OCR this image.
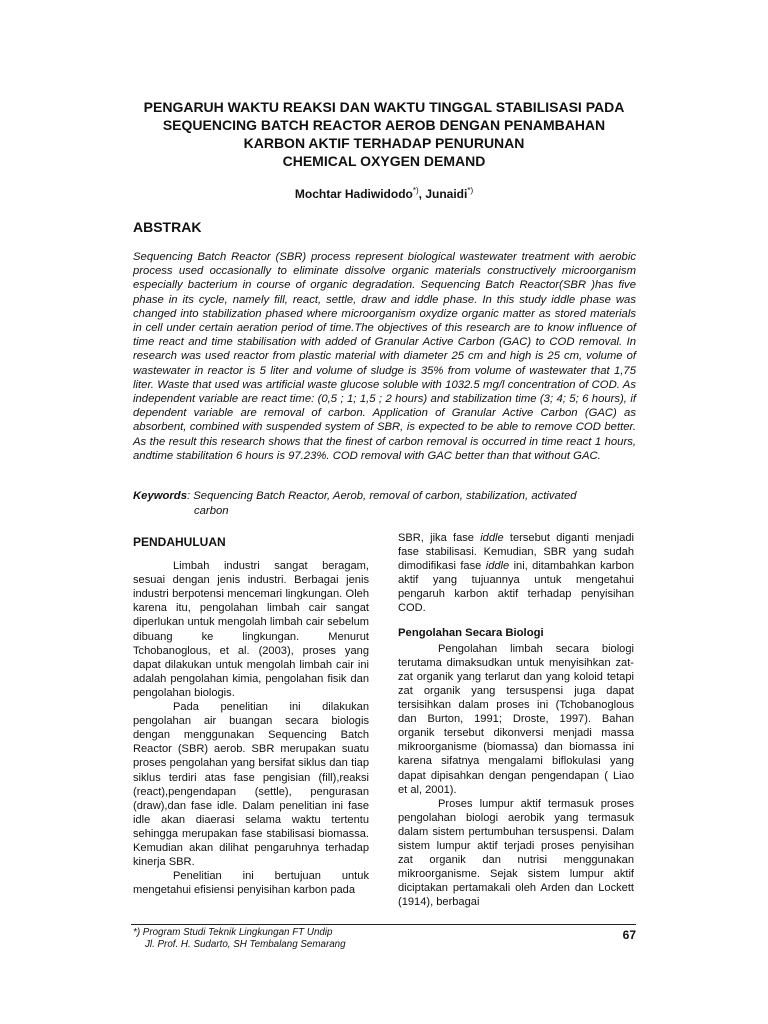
PENGARUH WAKTU REAKSI DAN WAKTU TINGGAL STABILISASI PADA
SEQUENCING BATCH REACTOR AEROB DENGAN PENAMBAHAN
KARBON AKTIF TERHADAP PENURUNAN
CHEMICAL OXYGEN DEMAND
Mochtar Hadiwidodo*), Junaidi*)
ABSTRAK

Sequencing Batch Reactor (SBR) process represent biological wastewater treatment with aerobic process used occasionally to eliminate dissolve organic materials constructively microorganism especially bacterium in course of organic degradation. Sequencing Batch Reactor(SBR )has five phase in its cycle, namely fill, react, settle, draw and iddle phase. In this study iddle phase was changed into stabilization phased where microorganism oxydize organic matter as stored materials in cell under certain aeration period of time.The objectives of this research are to know influence of time react and time stabilisation with added of Granular Active Carbon (GAC) to COD removal. In research was used reactor from plastic material with diameter 25 cm and high is 25 cm, volume of wastewater in reactor is 5 liter and volume of sludge is 35% from volume of wastewater that 1,75 liter. Waste that used was artificial waste glucose soluble with 1032.5 mg/l concentration of COD. As independent variable are react time: (0,5 ; 1; 1,5 ; 2 hours) and stabilization time (3; 4; 5; 6 hours), if dependent variable are removal of carbon. Application of Granular Active Carbon (GAC) as absorbent, combined with suspended system of SBR, is expected to be able to remove COD better. As the result this research shows that the finest of carbon removal is occurred in time react 1 hours, andtime stabilitation 6 hours is 97.23%. COD removal with GAC better than that without GAC.

Keywords: Sequencing Batch Reactor, Aerob, removal of carbon, stabilization, activated
carbon

PENDAHULUAN

Limbah industri sangat beragam, sesuai dengan jenis industri. Berbagai jenis industri berpotensi mencemari lingkungan. Oleh karena itu, pengolahan limbah cair sangat diperlukan untuk mengolah limbah cair sebelum dibuang ke lingkungan. Menurut Tchobanoglous, et al. (2003), proses yang dapat dilakukan untuk mengolah limbah cair ini adalah pengolahan kimia, pengolahan fisik dan pengolahan biologis.

Pada penelitian ini dilakukan pengolahan air buangan secara biologis dengan menggunakan Sequencing Batch Reactor (SBR) aerob. SBR merupakan suatu proses pengolahan yang bersifat siklus dan tiap siklus terdiri atas fase pengisian (fill),reaksi (react),pengendapan (settle), pengurasan (draw),dan fase idle. Dalam penelitian ini fase idle akan diaerasi selama waktu tertentu sehingga merupakan fase stabilisasi biomassa. Kemudian akan dilihat pengaruhnya terhadap kinerja SBR.

Penelitian ini bertujuan untuk mengetahui efisiensi penyisihan karbon pada

SBR, jika fase iddle tersebut diganti menjadi fase stabilisasi. Kemudian, SBR yang sudah dimodifikasi fase iddle ini, ditambahkan karbon aktif yang tujuannya untuk mengetahui pengaruh karbon aktif terhadap penyisihan COD.

Pengolahan Secara Biologi

Pengolahan limbah secara biologi terutama dimaksudkan untuk menyisihkan zat-zat organik yang terlarut dan yang koloid tetapi zat organik yang tersuspensi juga dapat tersisihkan dalam proses ini (Tchobanoglous dan Burton, 1991; Droste, 1997). Bahan organik tersebut dikonversi menjadi massa mikroorganisme (biomassa) dan biomassa ini karena sifatnya mengalami biflokulasi yang dapat dipisahkan dengan pengendapan ( Liao et al, 2001).

Proses lumpur aktif termasuk proses pengolahan biologi aerobik yang termasuk dalam sistem pertumbuhan tersuspensi. Dalam sistem lumpur aktif terjadi proses penyisihan zat organik dan nutrisi menggunakan mikroorganisme. Sejak sistem lumpur aktif diciptakan pertamakali oleh Arden dan Lockett (1914), berbagai

*) Program Studi Teknik Lingkungan FT Undip
Jl. Prof. H. Sudarto, SH Tembalang Semarang
67
